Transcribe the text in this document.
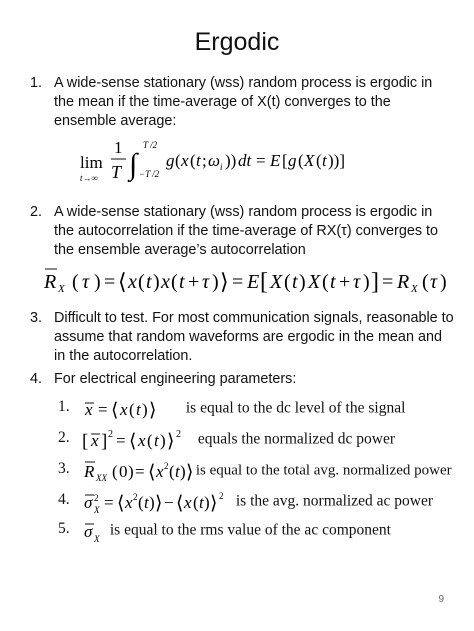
Ergodic
1. A wide-sense stationary (wss) random process is ergodic in the mean if the time-average of X(t) converges to the ensemble average:
lim
t→∞
1
T ∫
T /2
−T /2
g ( x ( t ; ω i )) dt = E [ g ( X ( t ))]
2. A wide-sense stationary (wss) random process is ergodic in the autocorrelation if the time-average of RX(τ) converges to the ensemble average’s autocorrelation
R X ( τ ) = ⟨ x ( t ) x ( t + τ ) ⟩ = E [ X ( t ) X ( t + τ ) ] = R X ( τ )
3. Difficult to test. For most communication signals, reasonable to assume that random waveforms are ergodic in the mean and in the autocorrelation.
4. For electrical engineering parameters:
1. x = ⟨ x ( t ) ⟩ is equal to the dc level of the signal
2. [ x ] 2 = ⟨ x ( t ) ⟩ 2 equals the normalized dc power
3. R XX ( 0 ) = ⟨ x 2 ( t ) ⟩ is equal to the total avg. normalized power
4. σ 2
X = ⟨ x 2 ( t ) ⟩ − ⟨ x ( t ) ⟩ 2 is the avg. normalized ac power
5. σ X
is equal to the rms value of the ac component
9
